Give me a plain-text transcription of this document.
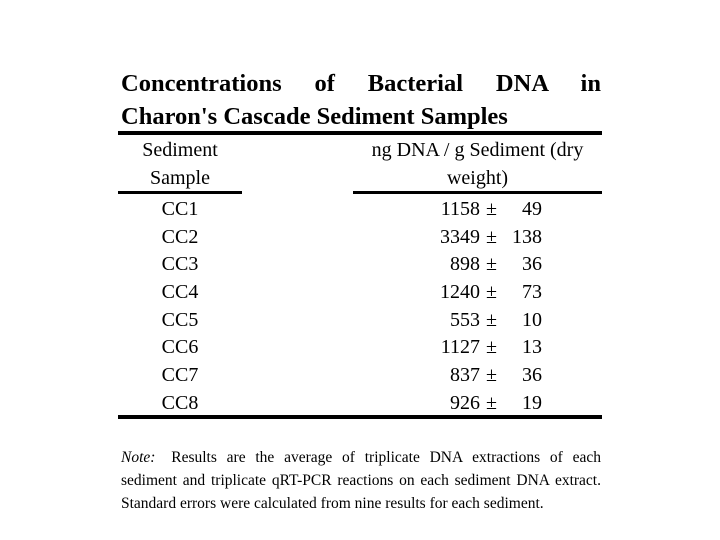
Concentrations of Bacterial DNA in
Charon's Cascade Sediment Samples
Sediment
Sample
ng DNA / g Sediment (dry
weight)
CC1	1158 ±	49
CC2	3349 ± 138
CC3	898 ±	36
CC4	1240 ±	73
CC5	553 ±	10
CC6	1127 ±	13
CC7	837 ±	36
CC8	926 ±	19
Note: Results are the average of triplicate DNA extractions of each sediment and triplicate qRT-PCR reactions on each sediment DNA extract. Standard errors were calculated from nine results for each sediment.
